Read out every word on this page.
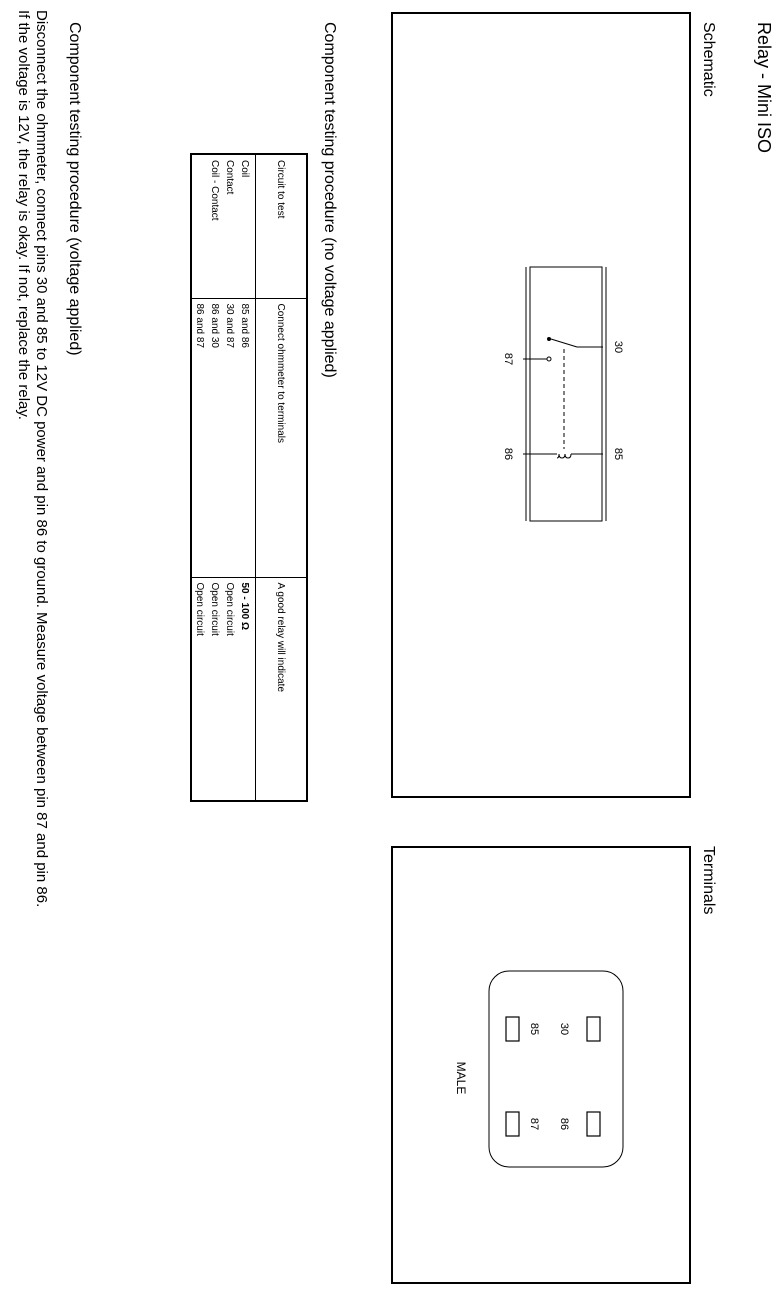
Relay - Mini ISO
Schematic
Terminals
30
85
87
86
30
86
85
87
MALE
Component testing procedure (no voltage applied)
Circuit to test	Connect ohmmeter to terminals	A good relay will indicate
Coil	85 and 86	50 - 100 Ω
Contact	30 and 87	Open circuit
Coil - Contact	86 and 30	Open circuit
	86 and 87	Open circuit
Component testing procedure (voltage applied)
Disconnect the ohmmeter, connect pins 30 and 85 to 12V DC power and pin 86 to ground. Measure voltage between pin 87 and pin 86.
If the voltage is 12V, the relay is okay. If not, replace the relay.
